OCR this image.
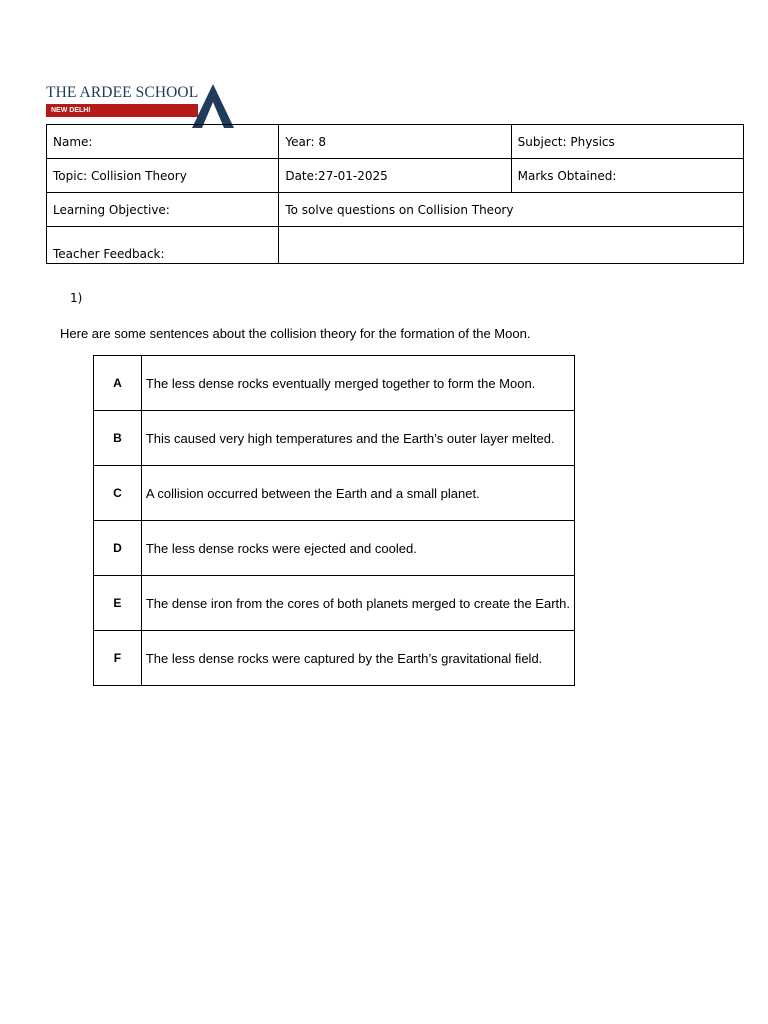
THE ARDEE SCHOOL
NEW DELHI
Name:	Year: 8	Subject: Physics
Topic: Collision Theory	Date:27-01-2025	Marks Obtained:
Learning Objective:	To solve questions on Collision Theory	
Teacher Feedback:		
1)
Here are some sentences about the collision theory for the formation of the Moon.
A	The less dense rocks eventually merged together to form the Moon.
B	This caused very high temperatures and the Earth’s outer layer melted.
C	A collision occurred between the Earth and a small planet.
D	The less dense rocks were ejected and cooled.
E	The dense iron from the cores of both planets merged to create the Earth.
F	The less dense rocks were captured by the Earth’s gravitational field.
